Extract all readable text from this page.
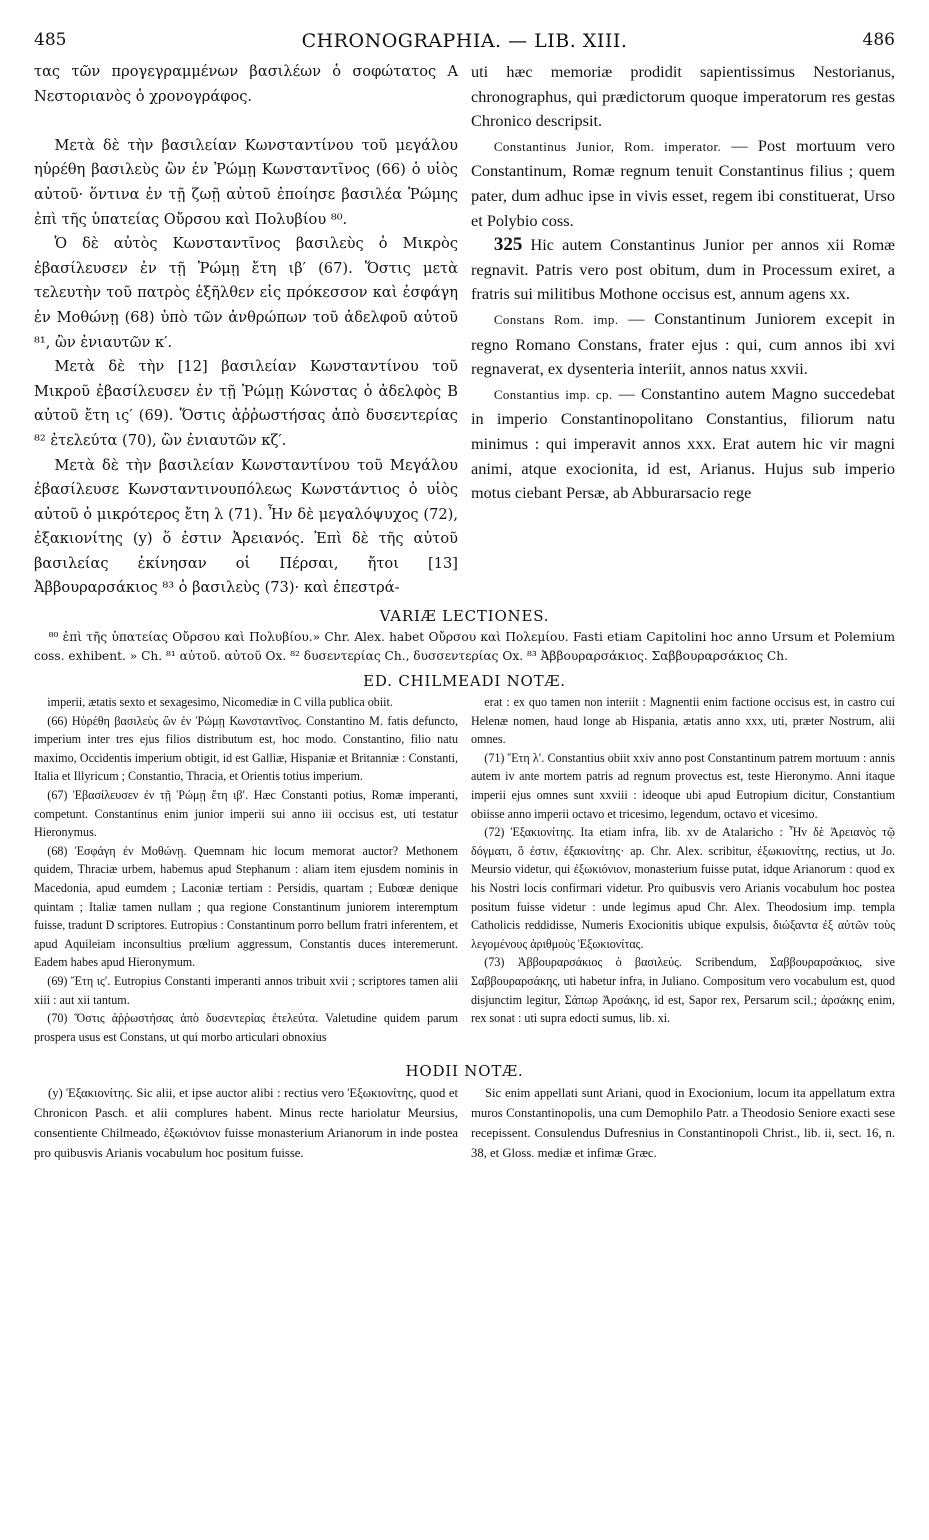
485	CHRONOGRAPHIA. — LIB. XIII.	486

τας τῶν προγεγραμμένων βασιλέων ὁ σοφώτατος A Νεστοριανὸς ὁ χρονογράφος.

Μετὰ δὲ τὴν βασιλείαν Κωνσταντίνου τοῦ μεγάλου ηὑρέθη βασιλεὺς ὢν ἐν Ῥώμῃ Κωνσταντῖνος (66) ὁ υἱὸς αὐτοῦ· ὅντινα ἐν τῇ ζωῇ αὐτοῦ ἐποίησε βασιλέα Ῥώμης ἐπὶ τῆς ὑπατείας Οὔρσου καὶ Πολυβίου ⁸⁰.

Ὁ δὲ αὐτὸς Κωνσταντῖνος βασιλεὺς ὁ Μικρὸς ἐβασίλευσεν ἐν τῇ Ῥώμῃ ἔτη ιβ′ (67). Ὅστις μετὰ τελευτὴν τοῦ πατρὸς ἐξῆλθεν εἰς πρόκεσσον καὶ ἐσφάγη ἐν Μοθώνῃ (68) ὑπὸ τῶν ἀνθρώπων τοῦ ἀδελφοῦ αὐτοῦ ⁸¹, ὢν ἐνιαυτῶν κ′.

Μετὰ δὲ τὴν [12] βασιλείαν Κωνσταντίνου τοῦ Μικροῦ ἐβασίλευσεν ἐν τῇ Ῥώμῃ Κώνστας ὁ ἀδελφὸς B αὐτοῦ ἔτη ις′ (69). Ὅστις ἀῤῥωστήσας ἀπὸ δυσεντερίας ⁸² ἐτελεύτα (70), ὢν ἐνιαυτῶν κζ′.

Μετὰ δὲ τὴν βασιλείαν Κωνσταντίνου τοῦ Μεγάλου ἐβασίλευσε Κωνσταντινουπόλεως Κωνστάντιος ὁ υἱὸς αὐτοῦ ὁ μικρότερος ἔτη λ (71). Ἦν δὲ μεγαλόψυχος (72), ἐξακιονίτης (y) ὅ ἐστιν Ἀρειανός. Ἐπὶ δὲ τῆς αὐτοῦ βασιλείας ἐκίνησαν οἱ Πέρσαι, ἤτοι [13] Ἀββουραρσάκιος ⁸³ ὁ βασιλεὺς (73)· καὶ ἐπεστρά-

uti hæc memoriæ prodidit sapientissimus Nestorianus, chronographus, qui prædictorum quoque imperatorum res gestas Chronico descripsit.

Constantinus Junior, Rom. imperator. — Post mortuum vero Constantinum, Romæ regnum tenuit Constantinus filius ; quem pater, dum adhuc ipse in vivis esset, regem ibi constituerat, Urso et Polybio coss.

325 Hic autem Constantinus Junior per annos xii Romæ regnavit. Patris vero post obitum, dum in Processum exiret, a fratris sui militibus Mothone occisus est, annum agens xx.

Constans Rom. imp. — Constantinum Juniorem excepit in regno Romano Constans, frater ejus : qui, cum annos ibi xvi regnaverat, ex dysenteria interiit, annos natus xxvii.

Constantius imp. cp. — Constantino autem Magno succedebat in imperio Constantinopolitano Constantius, filiorum natu minimus : qui imperavit annos xxx. Erat autem hic vir magni animi, atque exocionita, id est, Arianus. Hujus sub imperio motus ciebant Persæ, ab Abburarsacio rege

VARIÆ LECTIONES.

⁸⁰ ἐπὶ τῆς ὑπατείας Οὔρσου καὶ Πολυβίου.» Chr. Alex. habet Οὔρσου καὶ Πολεμίου. Fasti etiam Capitolini hoc anno Ursum et Polemium coss. exhibent. » Ch. ⁸¹ αὐτοῦ. αὐτοῦ Ox. ⁸² δυσεντερίας Ch., δυσσεντερίας Ox. ⁸³ Ἀββουραρσάκιος. Σαββουραρσάκιος Ch.

ED. CHILMEADI NOTÆ.

imperii, ætatis sexto et sexagesimo, Nicomediæ in C villa publica obiit.

(66) Ηὑρέθη βασιλεὺς ὢν ἐν Ῥώμῃ Κωνσταντῖνος. Constantino M. fatis defuncto, imperium inter tres ejus filios distributum est, hoc modo. Constantino, filio natu maximo, Occidentis imperium obtigit, id est Galliæ, Hispaniæ et Britanniæ : Constanti, Italia et Illyricum ; Constantio, Thracia, et Orientis totius imperium.

(67) Ἐβασίλευσεν ἐν τῇ Ῥώμῃ ἔτη ιβ′. Hæc Constanti potius, Romæ imperanti, competunt. Constantinus enim junior imperii sui anno iii occisus est, uti testatur Hieronymus.

(68) Ἐσφάγη ἐν Μοθώνῃ. Quemnam hic locum memorat auctor? Methonem quidem, Thraciæ urbem, habemus apud Stephanum : aliam item ejusdem nominis in Macedonia, apud eumdem ; Laconiæ tertiam : Persidis, quartam ; Eubœæ denique quintam ; Italiæ tamen nullam ; qua regione Constantinum juniorem interemptum fuisse, tradunt D scriptores. Eutropius : Constantinum porro bellum fratri inferentem, et apud Aquileiam inconsultius prœlium aggressum, Constantis duces interemerunt. Eadem habes apud Hieronymum.

(69) Ἔτη ις′. Eutropius Constanti imperanti annos tribuit xvii ; scriptores tamen alii xiii : aut xii tantum.

(70) Ὅστις ἀῤῥωστήσας ἀπὸ δυσεντερίας ἐτελεύτα. Valetudine quidem parum prospera usus est Constans, ut qui morbo articulari obnoxius

erat : ex quo tamen non interiit : Magnentii enim factione occisus est, in castro cui Helenæ nomen, haud longe ab Hispania, ætatis anno xxx, uti, præter Nostrum, alii omnes.

(71) Ἔτη λ′. Constantius obiit xxiv anno post Constantinum patrem mortuum : annis autem iv ante mortem patris ad regnum provectus est, teste Hieronymo. Anni itaque imperii ejus omnes sunt xxviii : ideoque ubi apud Eutropium dicitur, Constantium obiisse anno imperii octavo et tricesimo, legendum, octavo et vicesimo.

(72) Ἐξακιονίτης. Ita etiam infra, lib. xv de Atalaricho : Ἦν δὲ Ἀρειανὸς τῷ δόγματι, ὅ ἐστιν, ἐξακιονίτης· ap. Chr. Alex. scribitur, ἐξωκιονίτης, rectius, ut Jo. Meursio videtur, qui ἐξωκιόνιον, monasterium fuisse putat, idque Arianorum : quod ex his Nostri locis confirmari videtur. Pro quibusvis vero Arianis vocabulum hoc postea positum fuisse videtur : unde legimus apud Chr. Alex. Theodosium imp. templa Catholicis reddidisse, Numeris Exocionitis ubique expulsis, διώξαντα ἐξ αὐτῶν τοὺς λεγομένους ἀριθμοὺς Ἐξωκιονίτας.

(73) Ἀββουραρσάκιος ὁ βασιλεύς. Scribendum, Σαββουραρσάκιος, sive Σαββουραρσάκης, uti habetur infra, in Juliano. Compositum vero vocabulum est, quod disjunctim legitur, Σάπωρ Ἀρσάκης, id est, Sapor rex, Persarum scil.; ἀρσάκης enim, rex sonat : uti supra edocti sumus, lib. xi.

HODII NOTÆ.

(y) Ἐξακιονίτης. Sic alii, et ipse auctor alibi : rectius vero Ἐξωκιονίτης, quod et Chronicon Pasch. et alii complures habent. Minus recte hariolatur Meursius, consentiente Chilmeado, ἐξωκιόνιον fuisse monasterium Arianorum in inde postea pro quibusvis Arianis vocabulum hoc positum fuisse.

Sic enim appellati sunt Ariani, quod in Exocionium, locum ita appellatum extra muros Constantinopolis, una cum Demophilo Patr. a Theodosio Seniore exacti sese recepissent. Consulendus Dufresnius in Constantinopoli Christ., lib. ii, sect. 16, n. 38, et Gloss. mediæ et infimæ Græc.
